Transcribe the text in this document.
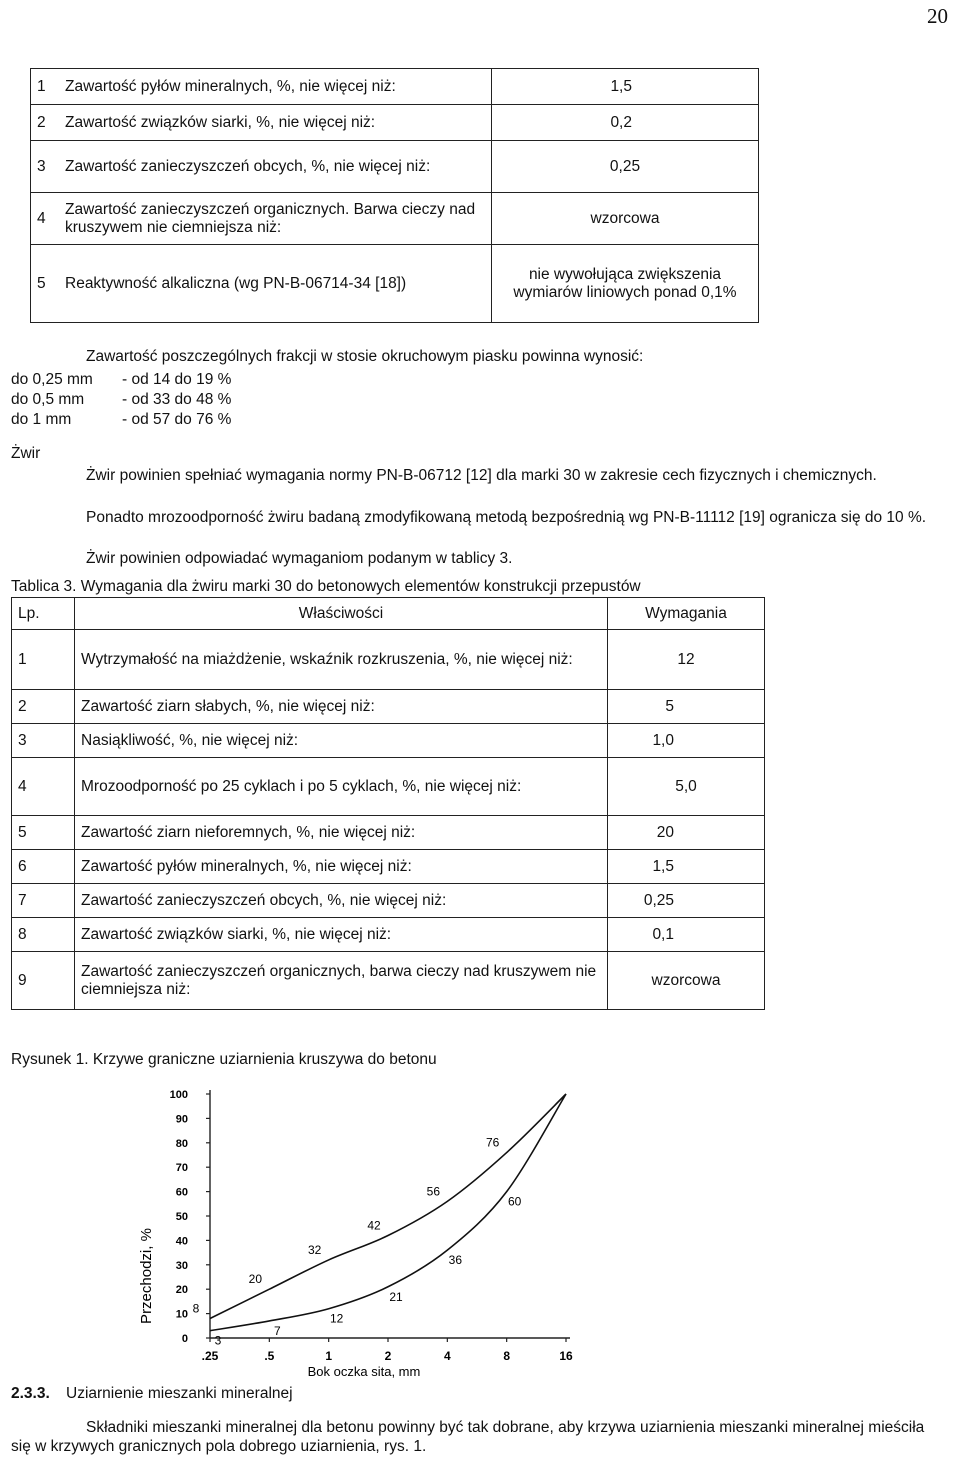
20
1	Zawartość pyłów mineralnych, %, nie więcej niż:	1,5
2	Zawartość związków siarki, %, nie więcej niż:	0,2
3	Zawartość zanieczyszczeń obcych, %, nie więcej niż:	0,25
4	Zawartość zanieczyszczeń organicznych. Barwa cieczy nad kruszywem nie ciemniejsza niż:	wzorcowa
5	Reaktywność alkaliczna (wg PN-B-06714-34 [18])	nie wywołująca zwiększenia wymiarów liniowych ponad 0,1%
Zawartość poszczególnych frakcji w stosie okruchowym piasku powinna wynosić:
do 0,25 mm	- od 14 do 19 %
do 0,5 mm	- od 33 do 48 %
do 1 mm	- od 57 do 76 %
Żwir
Żwir powinien spełniać wymagania normy PN-B-06712 [12] dla marki 30 w zakresie cech fizycznych i chemicznych.
Ponadto mrozoodporność żwiru badaną zmodyfikowaną metodą bezpośrednią wg PN-B-11112 [19] ogranicza się do 10 %.
Żwir powinien odpowiadać wymaganiom podanym w tablicy 3.
Tablica 3. Wymagania dla żwiru marki 30 do betonowych elementów konstrukcji przepustów
Lp.	Właściwości	Wymagania
1	Wytrzymałość na miażdżenie, wskaźnik rozkruszenia, %, nie więcej niż:	12
2	Zawartość ziarn słabych, %, nie więcej niż:	5
3	Nasiąkliwość, %, nie więcej niż:	1,0
4	Mrozoodporność po 25 cyklach i po 5 cyklach, %, nie więcej niż:	5,0
5	Zawartość ziarn nieforemnych, %, nie więcej niż:	20
6	Zawartość pyłów mineralnych, %, nie więcej niż:	1,5
7	Zawartość zanieczyszczeń obcych, %, nie więcej niż:	0,25
8	Zawartość związków siarki, %, nie więcej niż:	0,1
9	Zawartość zanieczyszczeń organicznych, barwa cieczy nad kruszywem nie ciemniejsza niż:	wzorcowa
Rysunek 1. Krzywe graniczne uziarnienia kruszywa do betonu
0
10
20
30
40
50
60
70
80
90
100
.25	.5	1	2	4	8	16
8
20
32
42
56
76
3
7
12
21
36
60
Przechodzi, %
Bok oczka sita, mm
2.3.3. Uziarnienie mieszanki mineralnej
Składniki mieszanki mineralnej dla betonu powinny być tak dobrane, aby krzywa uziarnienia mieszanki mineralnej mieściła się w krzywych granicznych pola dobrego uziarnienia, rys. 1.
